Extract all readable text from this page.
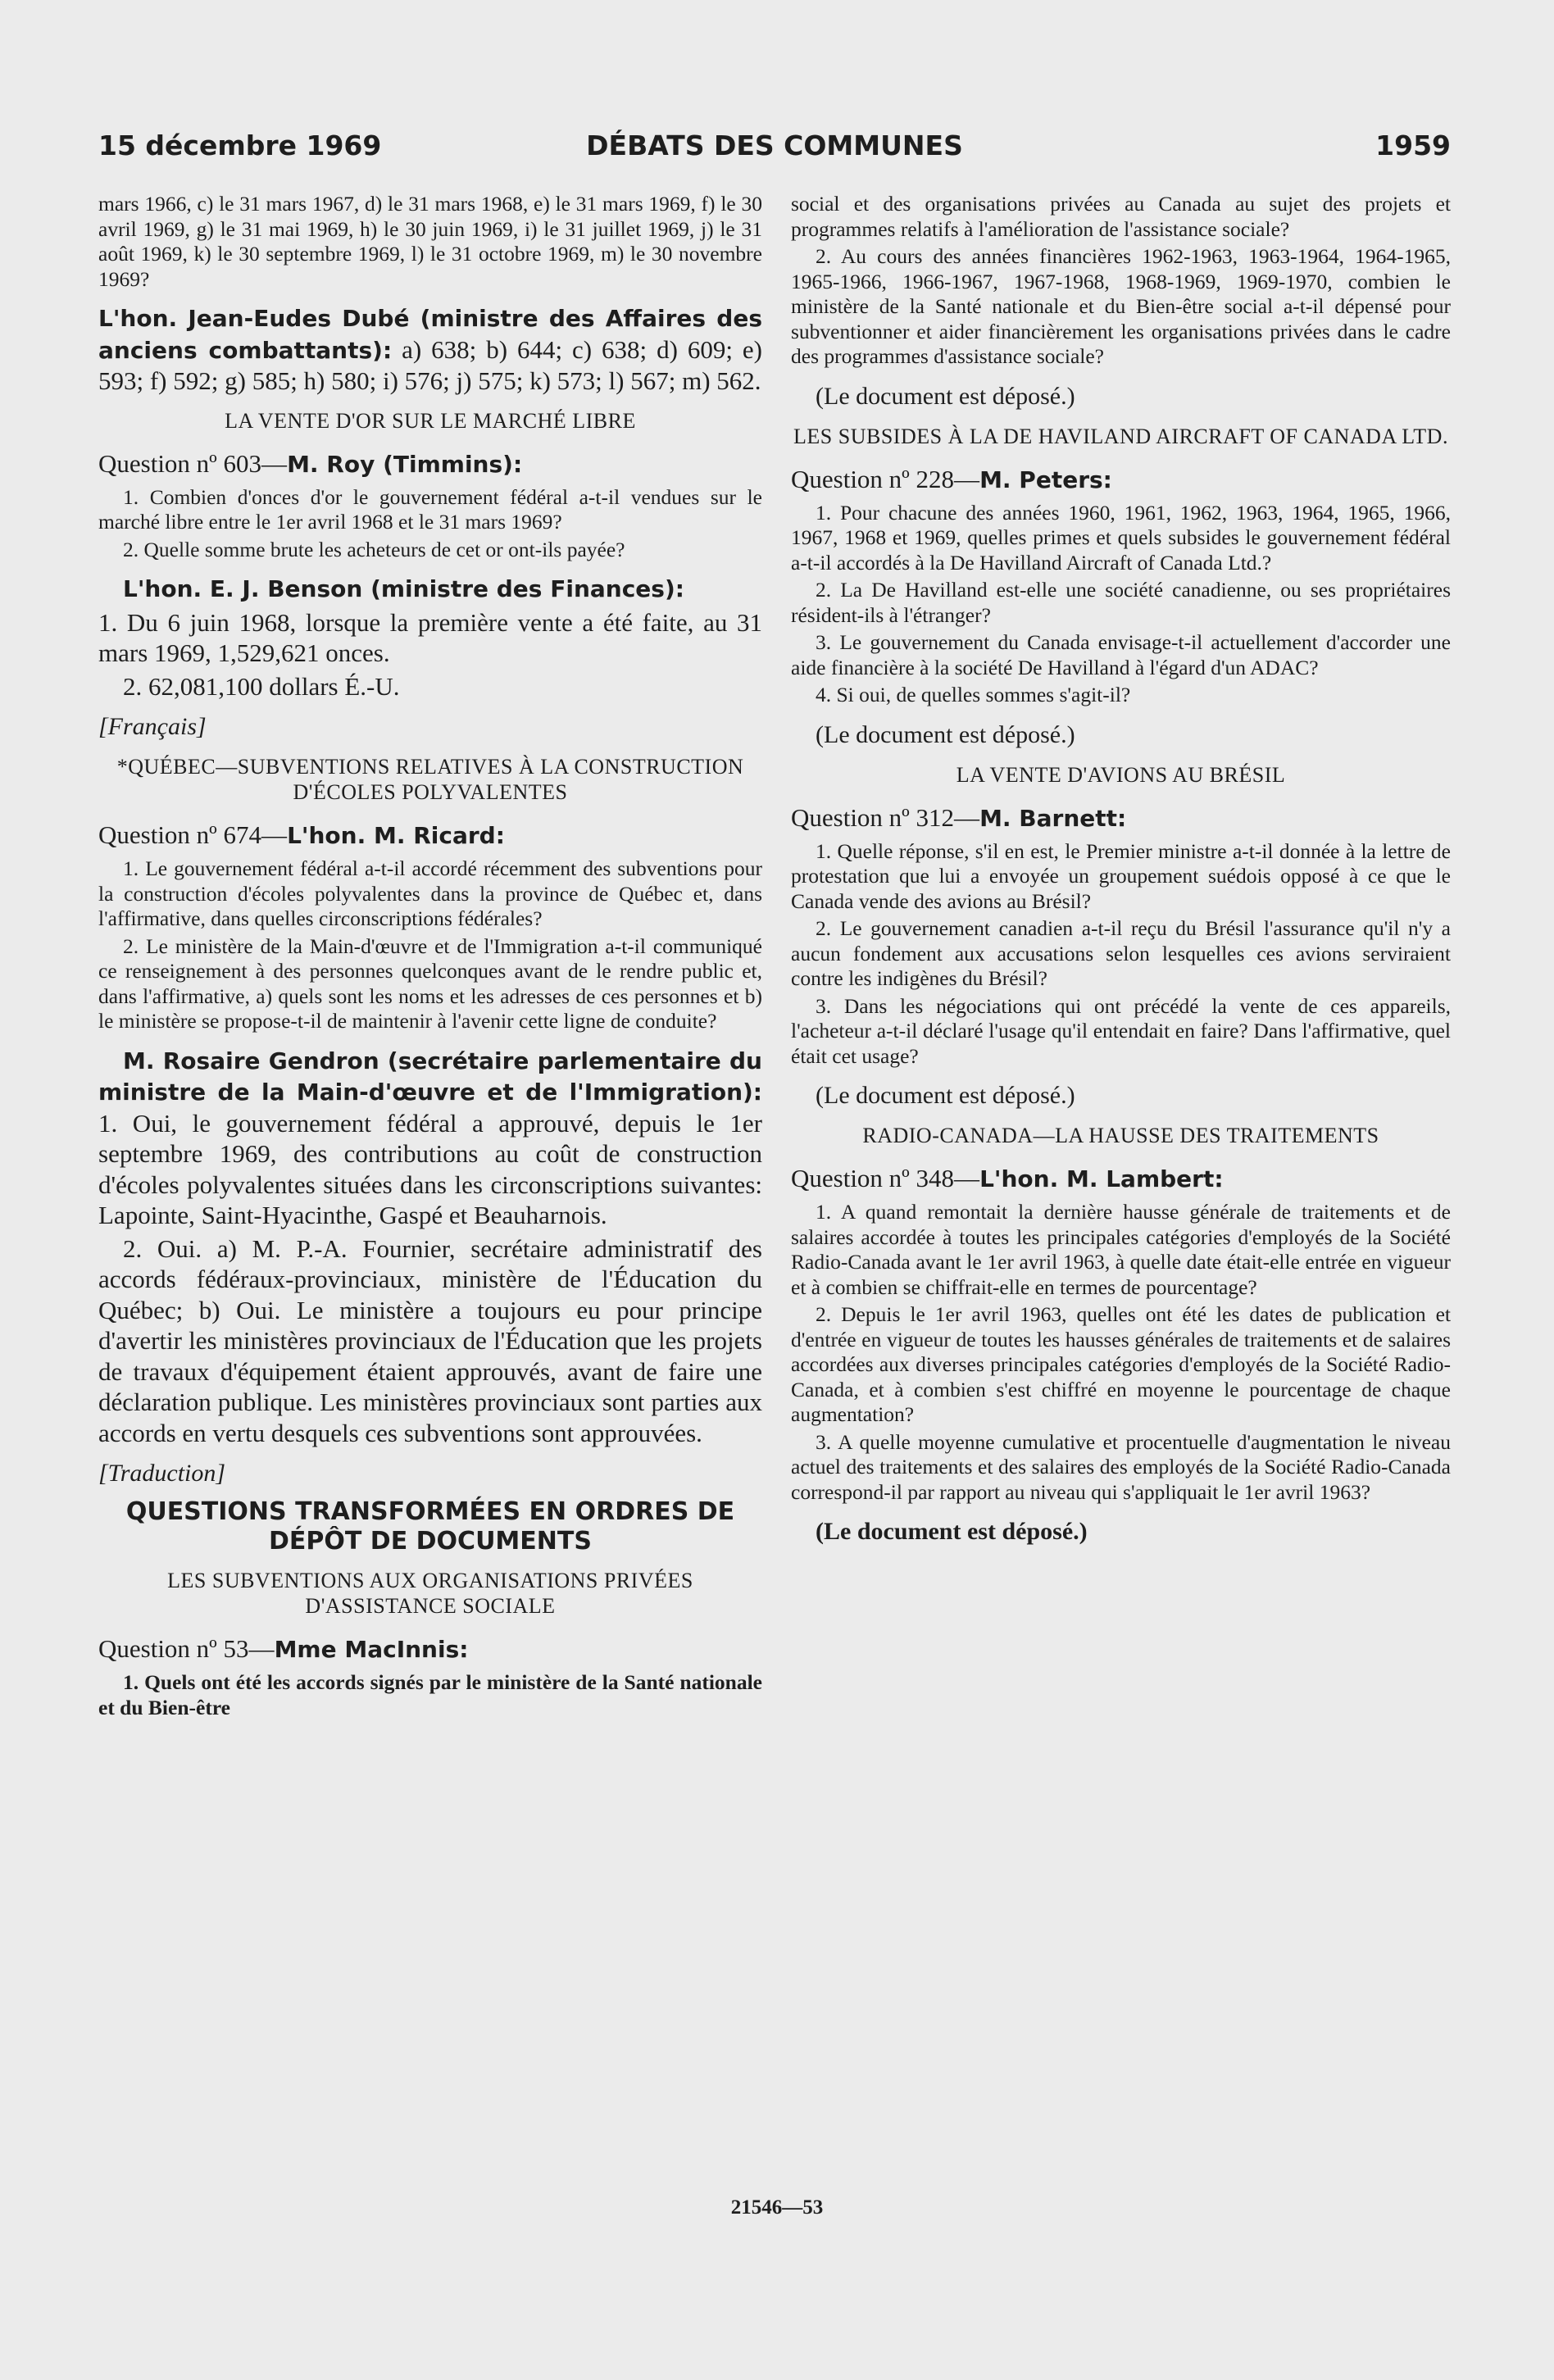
15 décembre 1969	DÉBATS DES COMMUNES	1959

mars 1966, c) le 31 mars 1967, d) le 31 mars 1968, e) le 31 mars 1969, f) le 30 avril 1969, g) le 31 mai 1969, h) le 30 juin 1969, i) le 31 juillet 1969, j) le 31 août 1969, k) le 30 septembre 1969, l) le 31 octobre 1969, m) le 30 novembre 1969?

L'hon. Jean-Eudes Dubé (ministre des Affaires des anciens combattants): a) 638; b) 644; c) 638; d) 609; e) 593; f) 592; g) 585; h) 580; i) 576; j) 575; k) 573; l) 567; m) 562.

LA VENTE D'OR SUR LE MARCHÉ LIBRE
Question nº 603—M. Roy (Timmins):

1. Combien d'onces d'or le gouvernement fédéral a-t-il vendues sur le marché libre entre le 1er avril 1968 et le 31 mars 1969?

2. Quelle somme brute les acheteurs de cet or ont-ils payée?

L'hon. E. J. Benson (ministre des Finances):

1. Du 6 juin 1968, lorsque la première vente a été faite, au 31 mars 1969, 1,529,621 onces.

2. 62,081,100 dollars É.-U.

[Français]
*QUÉBEC—SUBVENTIONS RELATIVES À LA CONSTRUCTION D'ÉCOLES POLYVALENTES
Question nº 674—L'hon. M. Ricard:

1. Le gouvernement fédéral a-t-il accordé récemment des subventions pour la construction d'écoles polyvalentes dans la province de Québec et, dans l'affirmative, dans quelles circonscriptions fédérales?

2. Le ministère de la Main-d'œuvre et de l'Immigration a-t-il communiqué ce renseignement à des personnes quelconques avant de le rendre public et, dans l'affirmative, a) quels sont les noms et les adresses de ces personnes et b) le ministère se propose-t-il de maintenir à l'avenir cette ligne de conduite?

M. Rosaire Gendron (secrétaire parlementaire du ministre de la Main-d'œuvre et de l'Immigration): 1. Oui, le gouvernement fédéral a approuvé, depuis le 1er septembre 1969, des contributions au coût de construction d'écoles polyvalentes situées dans les circonscriptions suivantes: Lapointe, Saint-Hyacinthe, Gaspé et Beauharnois.

2. Oui. a) M. P.-A. Fournier, secrétaire administratif des accords fédéraux-provinciaux, ministère de l'Éducation du Québec; b) Oui. Le ministère a toujours eu pour principe d'avertir les ministères provinciaux de l'Éducation que les projets de travaux d'équipement étaient approuvés, avant de faire une déclaration publique. Les ministères provinciaux sont parties aux accords en vertu desquels ces subventions sont approuvées.

[Traduction]
QUESTIONS TRANSFORMÉES EN ORDRES DE DÉPÔT DE DOCUMENTS
LES SUBVENTIONS AUX ORGANISATIONS PRIVÉES D'ASSISTANCE SOCIALE
Question nº 53—Mme MacInnis:

1. Quels ont été les accords signés par le ministère de la Santé nationale et du Bien-être

social et des organisations privées au Canada au sujet des projets et programmes relatifs à l'amélioration de l'assistance sociale?

2. Au cours des années financières 1962-1963, 1963-1964, 1964-1965, 1965-1966, 1966-1967, 1967-1968, 1968-1969, 1969-1970, combien le ministère de la Santé nationale et du Bien-être social a-t-il dépensé pour subventionner et aider financièrement les organisations privées dans le cadre des programmes d'assistance sociale?

(Le document est déposé.)
LES SUBSIDES À LA DE HAVILAND AIRCRAFT OF CANADA LTD.
Question nº 228—M. Peters:

1. Pour chacune des années 1960, 1961, 1962, 1963, 1964, 1965, 1966, 1967, 1968 et 1969, quelles primes et quels subsides le gouvernement fédéral a-t-il accordés à la De Havilland Aircraft of Canada Ltd.?

2. La De Havilland est-elle une société canadienne, ou ses propriétaires résident-ils à l'étranger?

3. Le gouvernement du Canada envisage-t-il actuellement d'accorder une aide financière à la société De Havilland à l'égard d'un ADAC?

4. Si oui, de quelles sommes s'agit-il?

(Le document est déposé.)
LA VENTE D'AVIONS AU BRÉSIL
Question nº 312—M. Barnett:

1. Quelle réponse, s'il en est, le Premier ministre a-t-il donnée à la lettre de protestation que lui a envoyée un groupement suédois opposé à ce que le Canada vende des avions au Brésil?

2. Le gouvernement canadien a-t-il reçu du Brésil l'assurance qu'il n'y a aucun fondement aux accusations selon lesquelles ces avions serviraient contre les indigènes du Brésil?

3. Dans les négociations qui ont précédé la vente de ces appareils, l'acheteur a-t-il déclaré l'usage qu'il entendait en faire? Dans l'affirmative, quel était cet usage?

(Le document est déposé.)
RADIO-CANADA—LA HAUSSE DES TRAITEMENTS
Question nº 348—L'hon. M. Lambert:

1. A quand remontait la dernière hausse générale de traitements et de salaires accordée à toutes les principales catégories d'employés de la Société Radio-Canada avant le 1er avril 1963, à quelle date était-elle entrée en vigueur et à combien se chiffrait-elle en termes de pourcentage?

2. Depuis le 1er avril 1963, quelles ont été les dates de publication et d'entrée en vigueur de toutes les hausses générales de traitements et de salaires accordées aux diverses principales catégories d'employés de la Société Radio-Canada, et à combien s'est chiffré en moyenne le pourcentage de chaque augmentation?

3. A quelle moyenne cumulative et procentuelle d'augmentation le niveau actuel des traitements et des salaires des employés de la Société Radio-Canada correspond-il par rapport au niveau qui s'appliquait le 1er avril 1963?

(Le document est déposé.)
21546—53
